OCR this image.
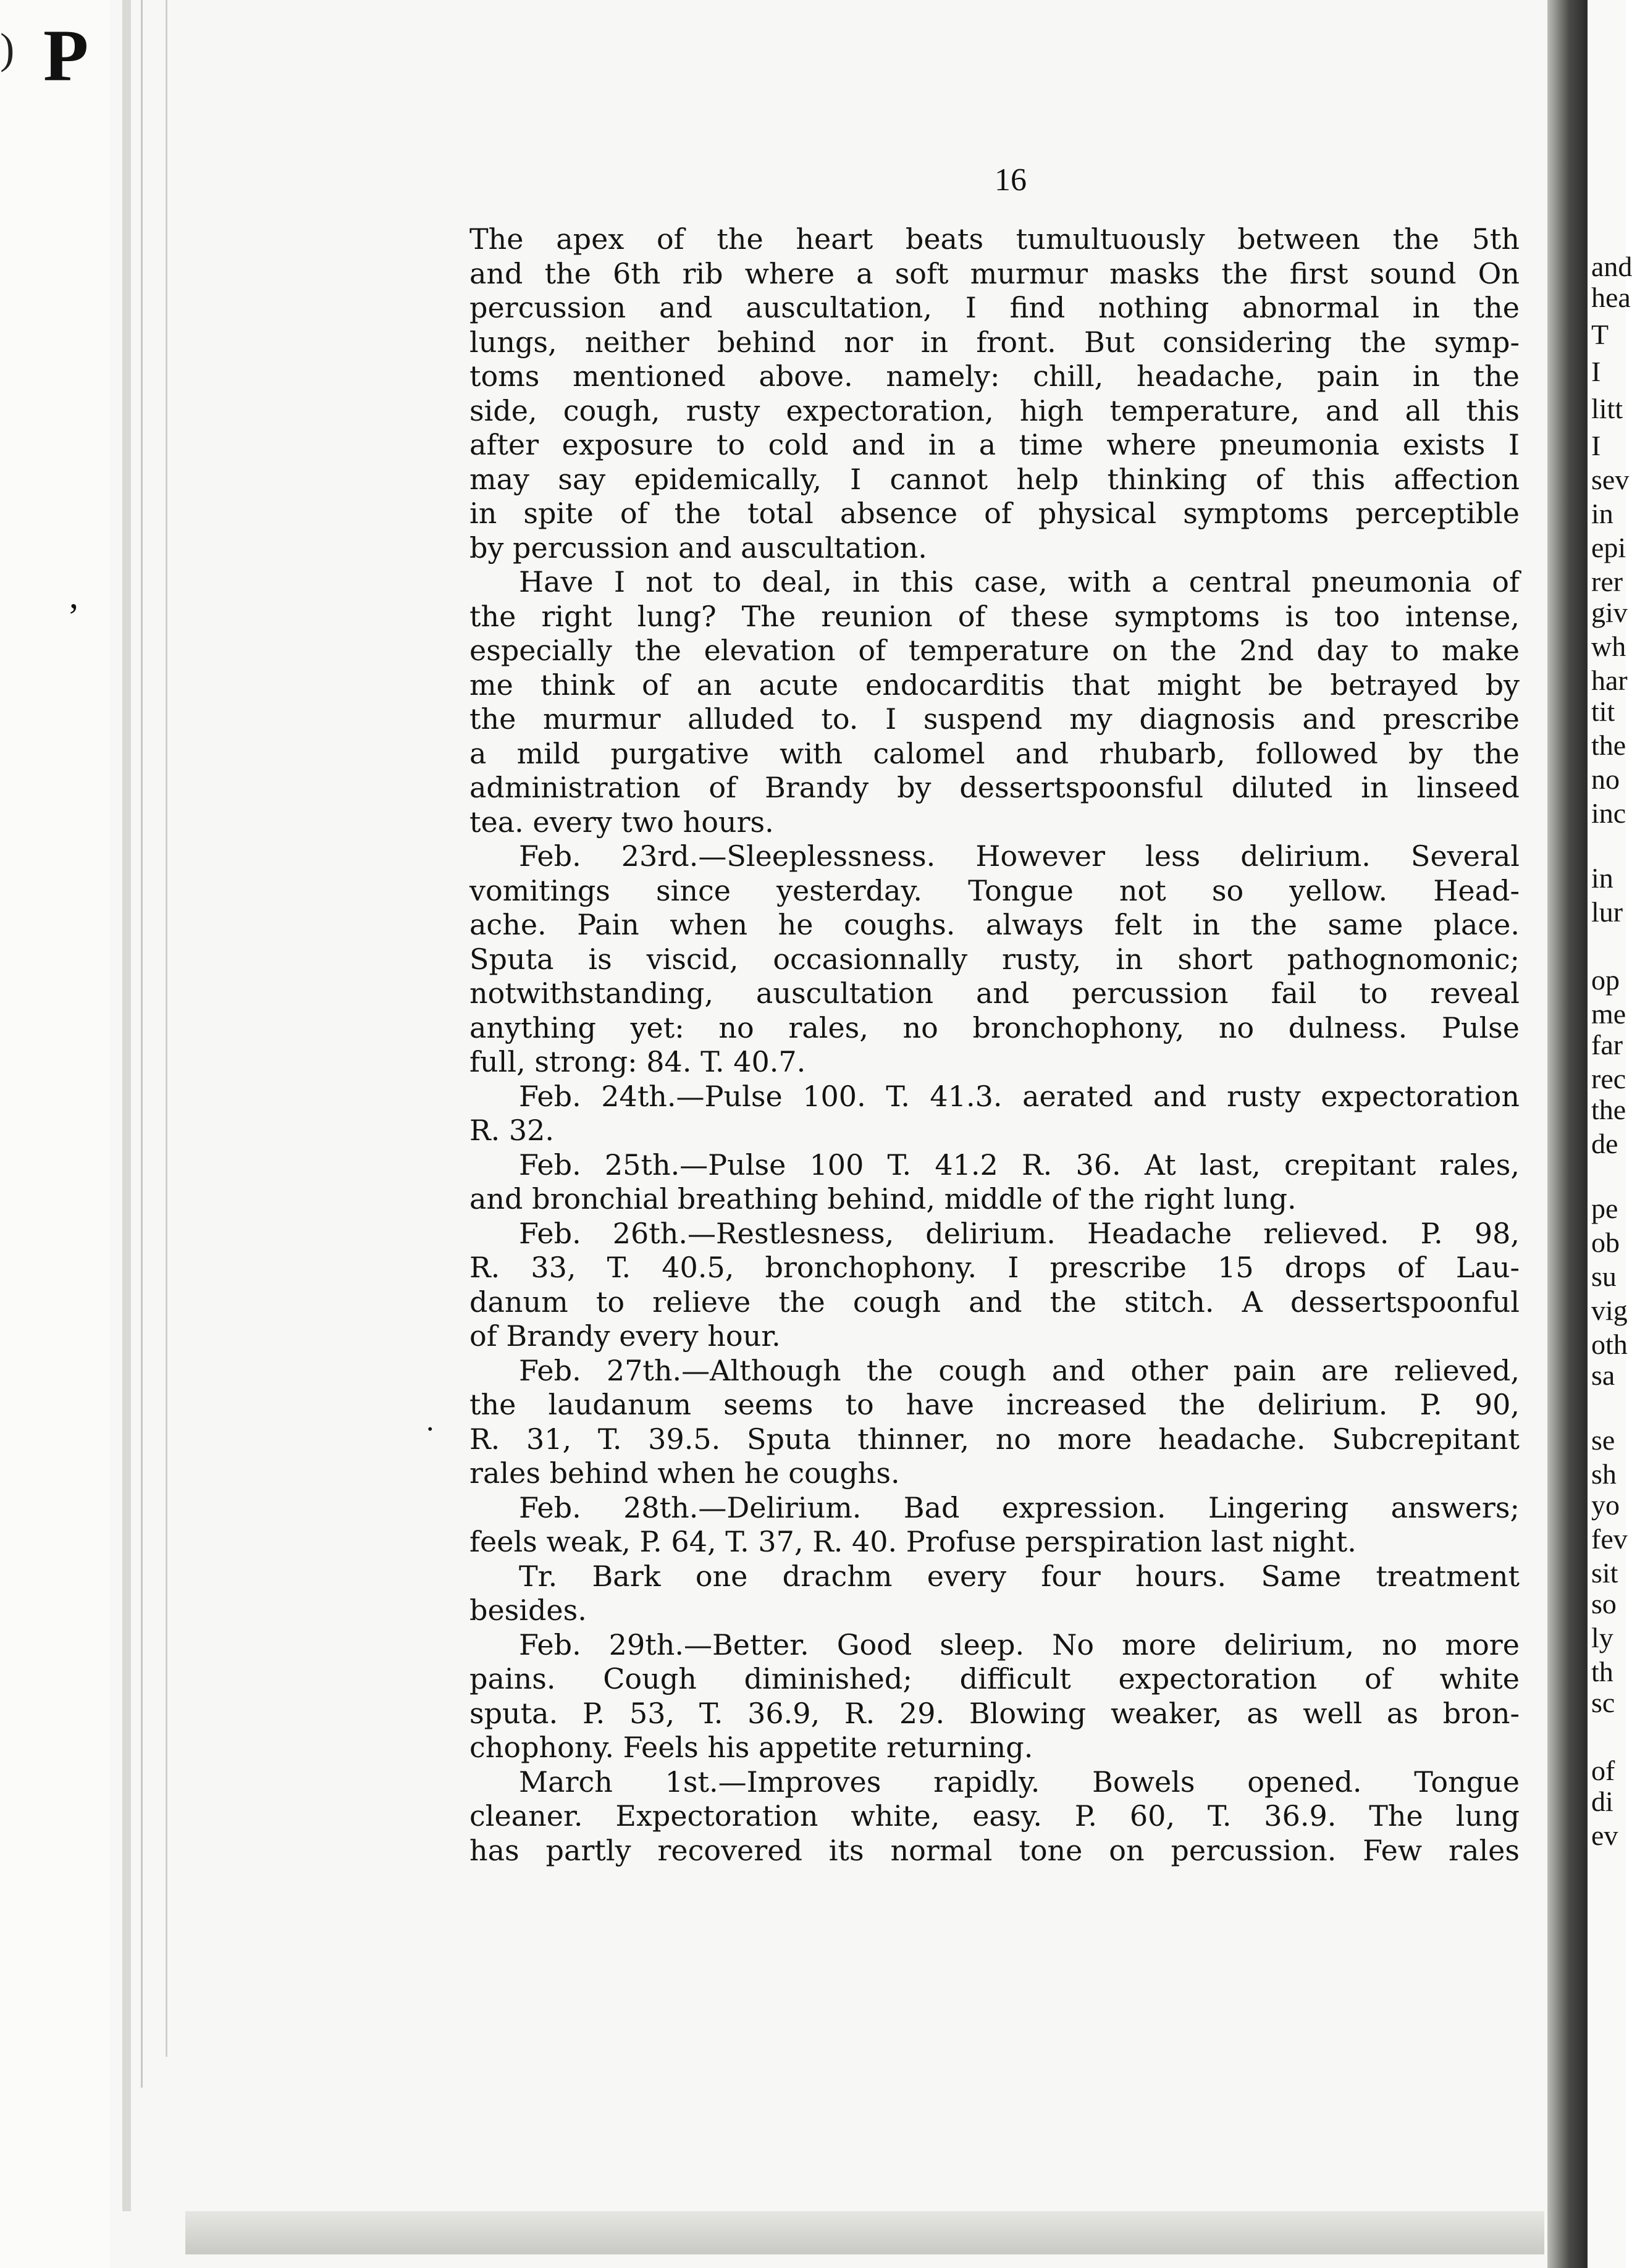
) P
,
.
16
The apex of the heart beats tumultuously between the 5th
and the 6th rib where a soft murmur masks the first sound On
percussion and auscultation, I find nothing abnormal in the
lungs, neither behind nor in front. But considering the symp-
toms mentioned above. namely: chill, headache, pain in the
side, cough, rusty expectoration, high temperature, and all this
after exposure to cold and in a time where pneumonia exists I
may say epidemically, I cannot help thinking of this affection
in spite of the total absence of physical symptoms perceptible
by percussion and auscultation.
Have I not to deal, in this case, with a central pneumonia of
the right lung? The reunion of these symptoms is too intense,
especially the elevation of temperature on the 2nd day to make
me think of an acute endocarditis that might be betrayed by
the murmur alluded to. I suspend my diagnosis and prescribe
a mild purgative with calomel and rhubarb, followed by the
administration of Brandy by dessertspoonsful diluted in linseed
tea. every two hours.
Feb. 23rd.—Sleeplessness. However less delirium. Several
vomitings since yesterday. Tongue not so yellow. Head-
ache. Pain when he coughs. always felt in the same place.
Sputa is viscid, occasionnally rusty, in short pathognomonic;
notwithstanding, auscultation and percussion fail to reveal
anything yet: no rales, no bronchophony, no dulness. Pulse
full, strong: 84. T. 40.7.
Feb. 24th.—Pulse 100. T. 41.3. aerated and rusty expectoration
R. 32.
Feb. 25th.—Pulse 100 T. 41.2 R. 36. At last, crepitant rales,
and bronchial breathing behind, middle of the right lung.
Feb. 26th.—Restlesness, delirium. Headache relieved. P. 98,
R. 33, T. 40.5, bronchophony. I prescribe 15 drops of Lau-
danum to relieve the cough and the stitch. A dessertspoonful
of Brandy every hour.
Feb. 27th.—Although the cough and other pain are relieved,
the laudanum seems to have increased the delirium. P. 90,
R. 31, T. 39.5. Sputa thinner, no more headache. Subcrepitant
rales behind when he coughs.
Feb. 28th.—Delirium. Bad expression. Lingering answers;
feels weak, P. 64, T. 37, R. 40. Profuse perspiration last night.
Tr. Bark one drachm every four hours. Same treatment
besides.
Feb. 29th.—Better. Good sleep. No more delirium, no more
pains. Cough diminished; difficult expectoration of white
sputa. P. 53, T. 36.9, R. 29. Blowing weaker, as well as bron-
chophony. Feels his appetite returning.
March 1st.—Improves rapidly. Bowels opened. Tongue
cleaner. Expectoration white, easy. P. 60, T. 36.9. The lung
has partly recovered its normal tone on percussion. Few rales
and
hea
T
I
litt
I
sev
in
epi
rer
giv
wh
har
tit
the
no
inc
in
lur
op
me
far
rec
the
de
pe
ob
su
vig
oth
sa
se
sh
yo
fev
sit
so
ly
th
sc
of
di
ev
